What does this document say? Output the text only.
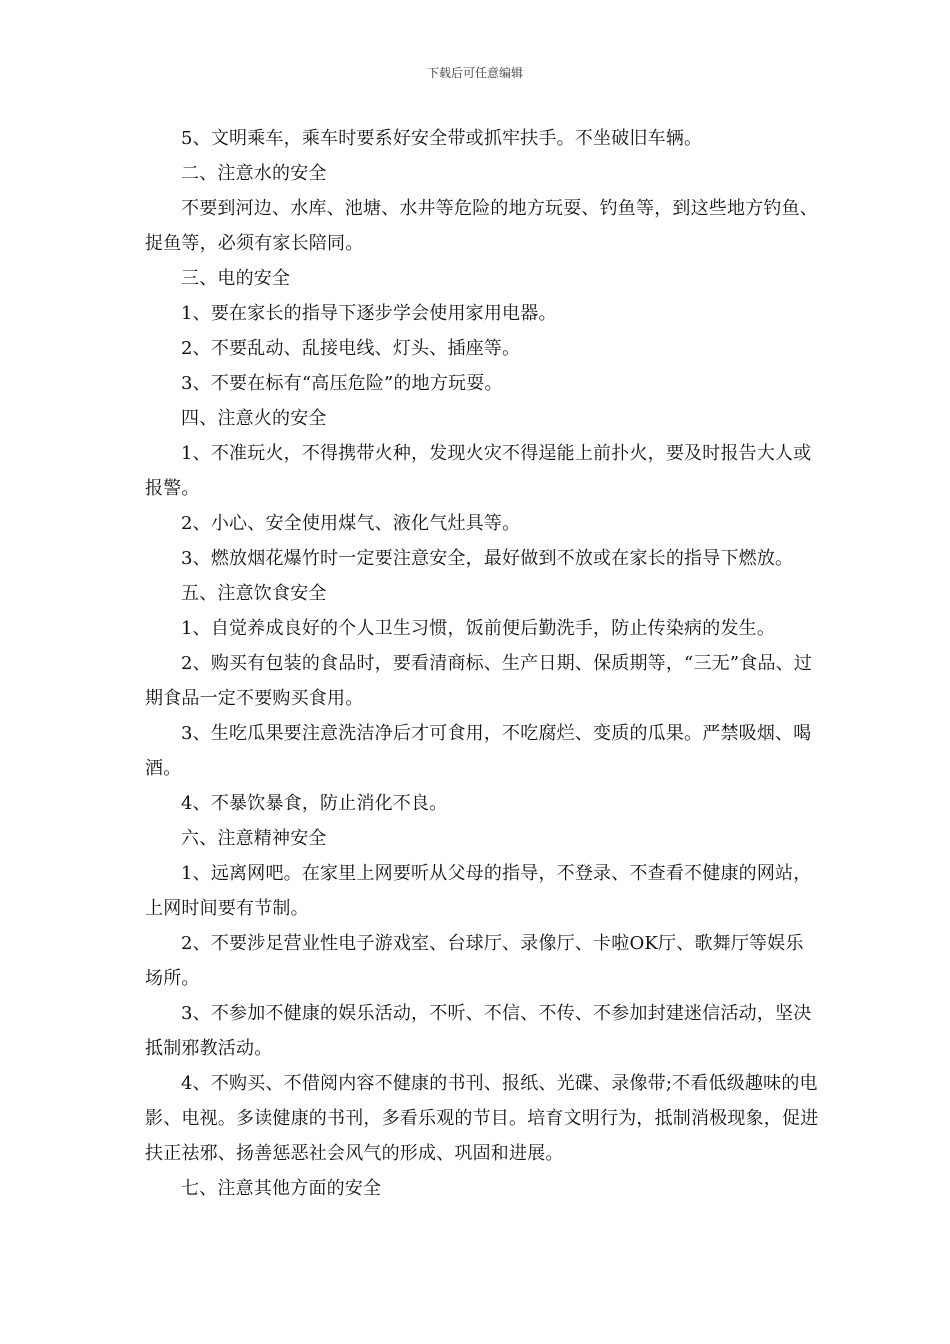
下载后可任意编辑

5、文明乘车，乘车时要系好安全带或抓牢扶手。不坐破旧车辆。

二、注意水的安全

不要到河边、水库、池塘、水井等危险的地方玩耍、钓鱼等，到这些地方钓鱼、捉鱼等，必须有家长陪同。

三、电的安全

1、要在家长的指导下逐步学会使用家用电器。

2、不要乱动、乱接电线、灯头、插座等。

3、不要在标有“高压危险”的地方玩耍。

四、注意火的安全

1、不准玩火，不得携带火种，发现火灾不得逞能上前扑火，要及时报告大人或报警。

2、小心、安全使用煤气、液化气灶具等。

3、燃放烟花爆竹时一定要注意安全，最好做到不放或在家长的指导下燃放。

五、注意饮食安全

1、自觉养成良好的个人卫生习惯，饭前便后勤洗手，防止传染病的发生。

2、购买有包装的食品时，要看清商标、生产日期、保质期等，“三无”食品、过期食品一定不要购买食用。

3、生吃瓜果要注意洗洁净后才可食用，不吃腐烂、变质的瓜果。严禁吸烟、喝酒。

4、不暴饮暴食，防止消化不良。

六、注意精神安全

1、远离网吧。在家里上网要听从父母的指导，不登录、不查看不健康的网站，上网时间要有节制。

2、不要涉足营业性电子游戏室、台球厅、录像厅、卡啦OK厅、歌舞厅等娱乐场所。

3、不参加不健康的娱乐活动，不听、不信、不传、不参加封建迷信活动，坚决抵制邪教活动。

4、不购买、不借阅内容不健康的书刊、报纸、光碟、录像带;不看低级趣味的电影、电视。多读健康的书刊，多看乐观的节目。培育文明行为，抵制消极现象，促进扶正祛邪、扬善惩恶社会风气的形成、巩固和进展。

七、注意其他方面的安全
